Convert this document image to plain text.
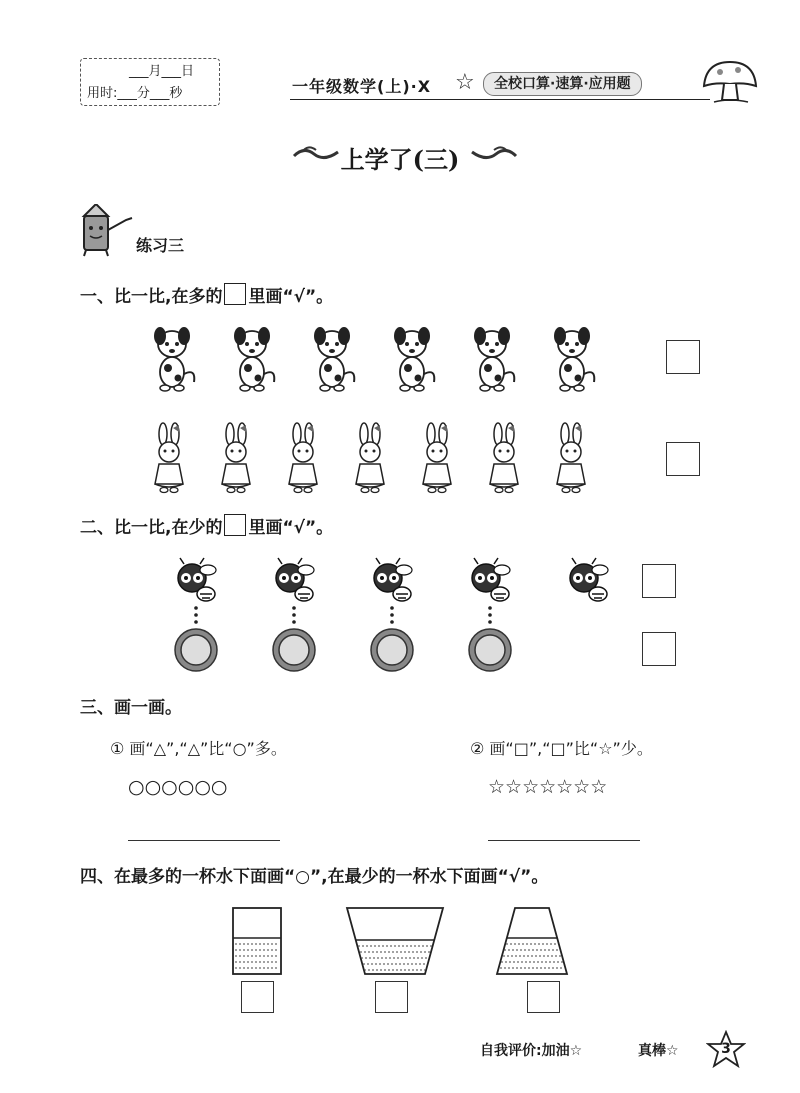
___月___日
用时:___分___秒	一年级数学(上)·X ☆	全校口算·速算·应用题
上学了(三)
练习三
一、比一比,在多的 里画“√”。
二、比一比,在少的 里画“√”。
三、画一画。
① 画“△”,“△”比“○”多。
○○○○○○
② 画“□”,“□”比“☆”少。
☆☆☆☆☆☆☆
四、在最多的一杯水下面画“○”,在最少的一杯水下面画“√”。
自我评价:加油☆	真棒☆	3
